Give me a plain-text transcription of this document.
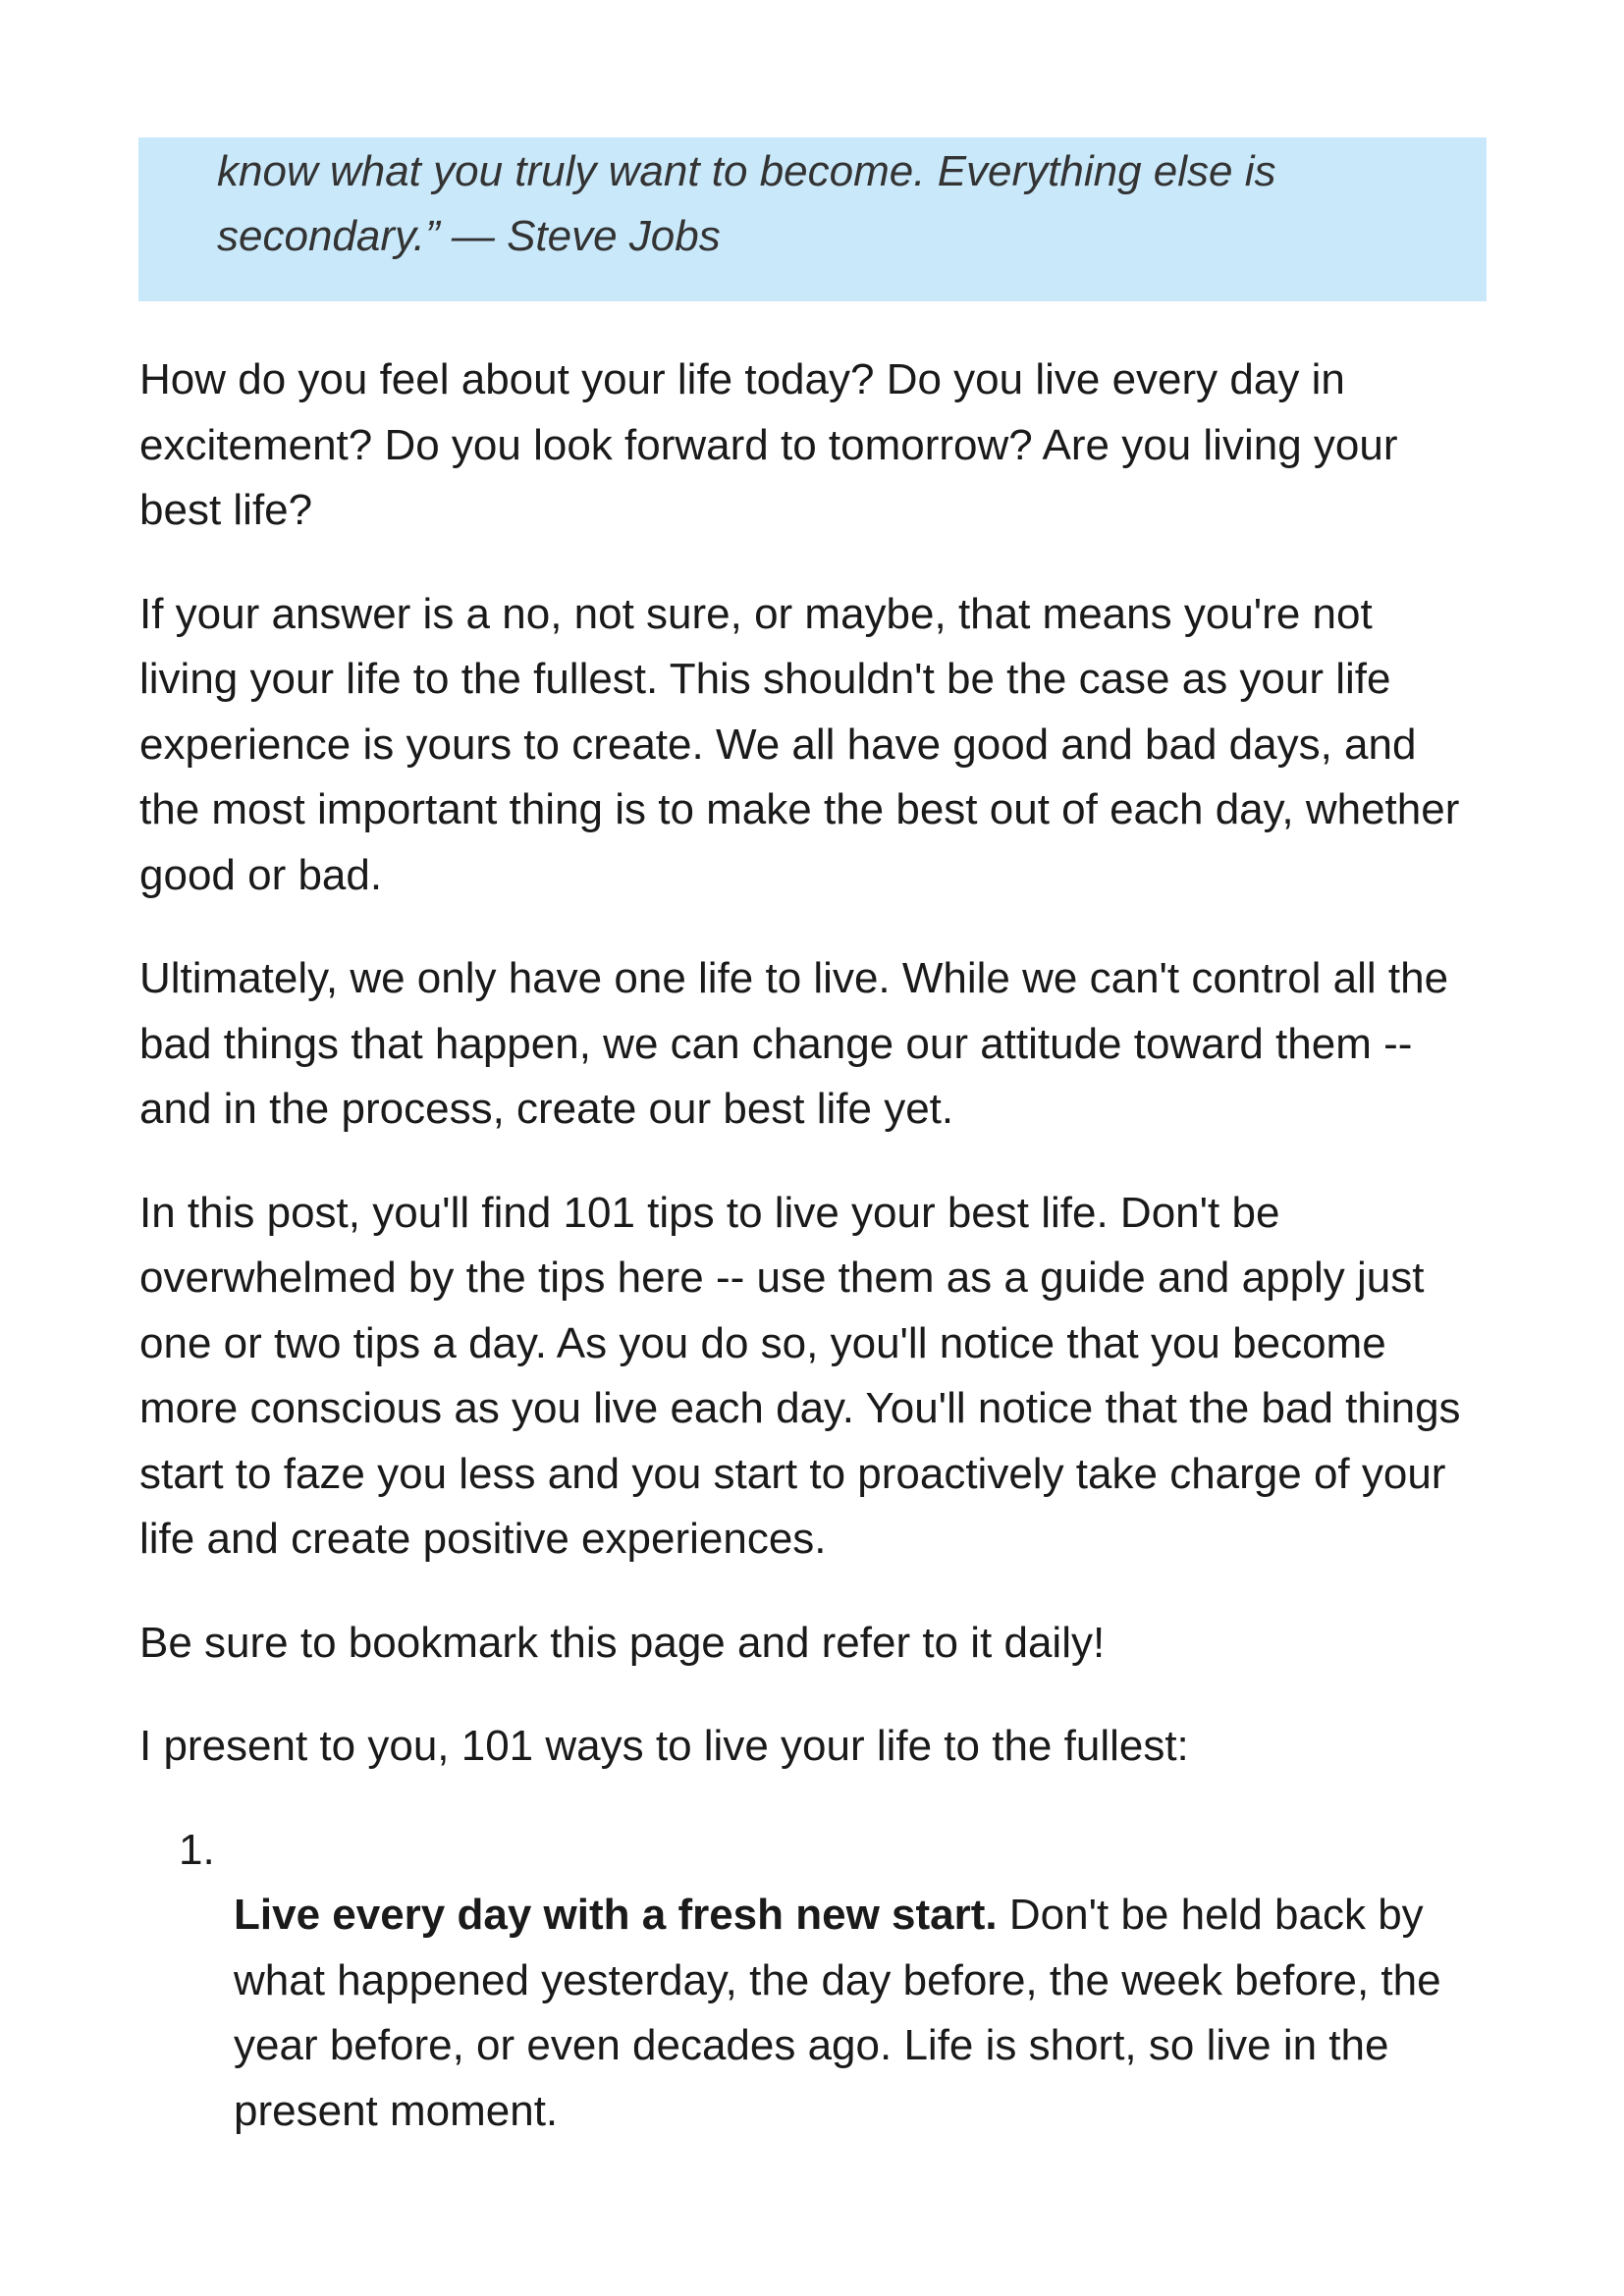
know what you truly want to become. Everything else is
secondary.” — Steve Jobs

How do you feel about your life today? Do you live every day in
excitement? Do you look forward to tomorrow? Are you living your
best life?

If your answer is a no, not sure, or maybe, that means you're not
living your life to the fullest. This shouldn't be the case as your life
experience is yours to create. We all have good and bad days, and
the most important thing is to make the best out of each day, whether
good or bad.

Ultimately, we only have one life to live. While we can't control all the
bad things that happen, we can change our attitude toward them --
and in the process, create our best life yet.

In this post, you'll find 101 tips to live your best life. Don't be
overwhelmed by the tips here -- use them as a guide and apply just
one or two tips a day. As you do so, you'll notice that you become
more conscious as you live each day. You'll notice that the bad things
start to faze you less and you start to proactively take charge of your
life and create positive experiences.

Be sure to bookmark this page and refer to it daily!

I present to you, 101 ways to live your life to the fullest:

1.
Live every day with a fresh new start. Don't be held back by
what happened yesterday, the day before, the week before, the
year before, or even decades ago. Life is short, so live in the
present moment.
